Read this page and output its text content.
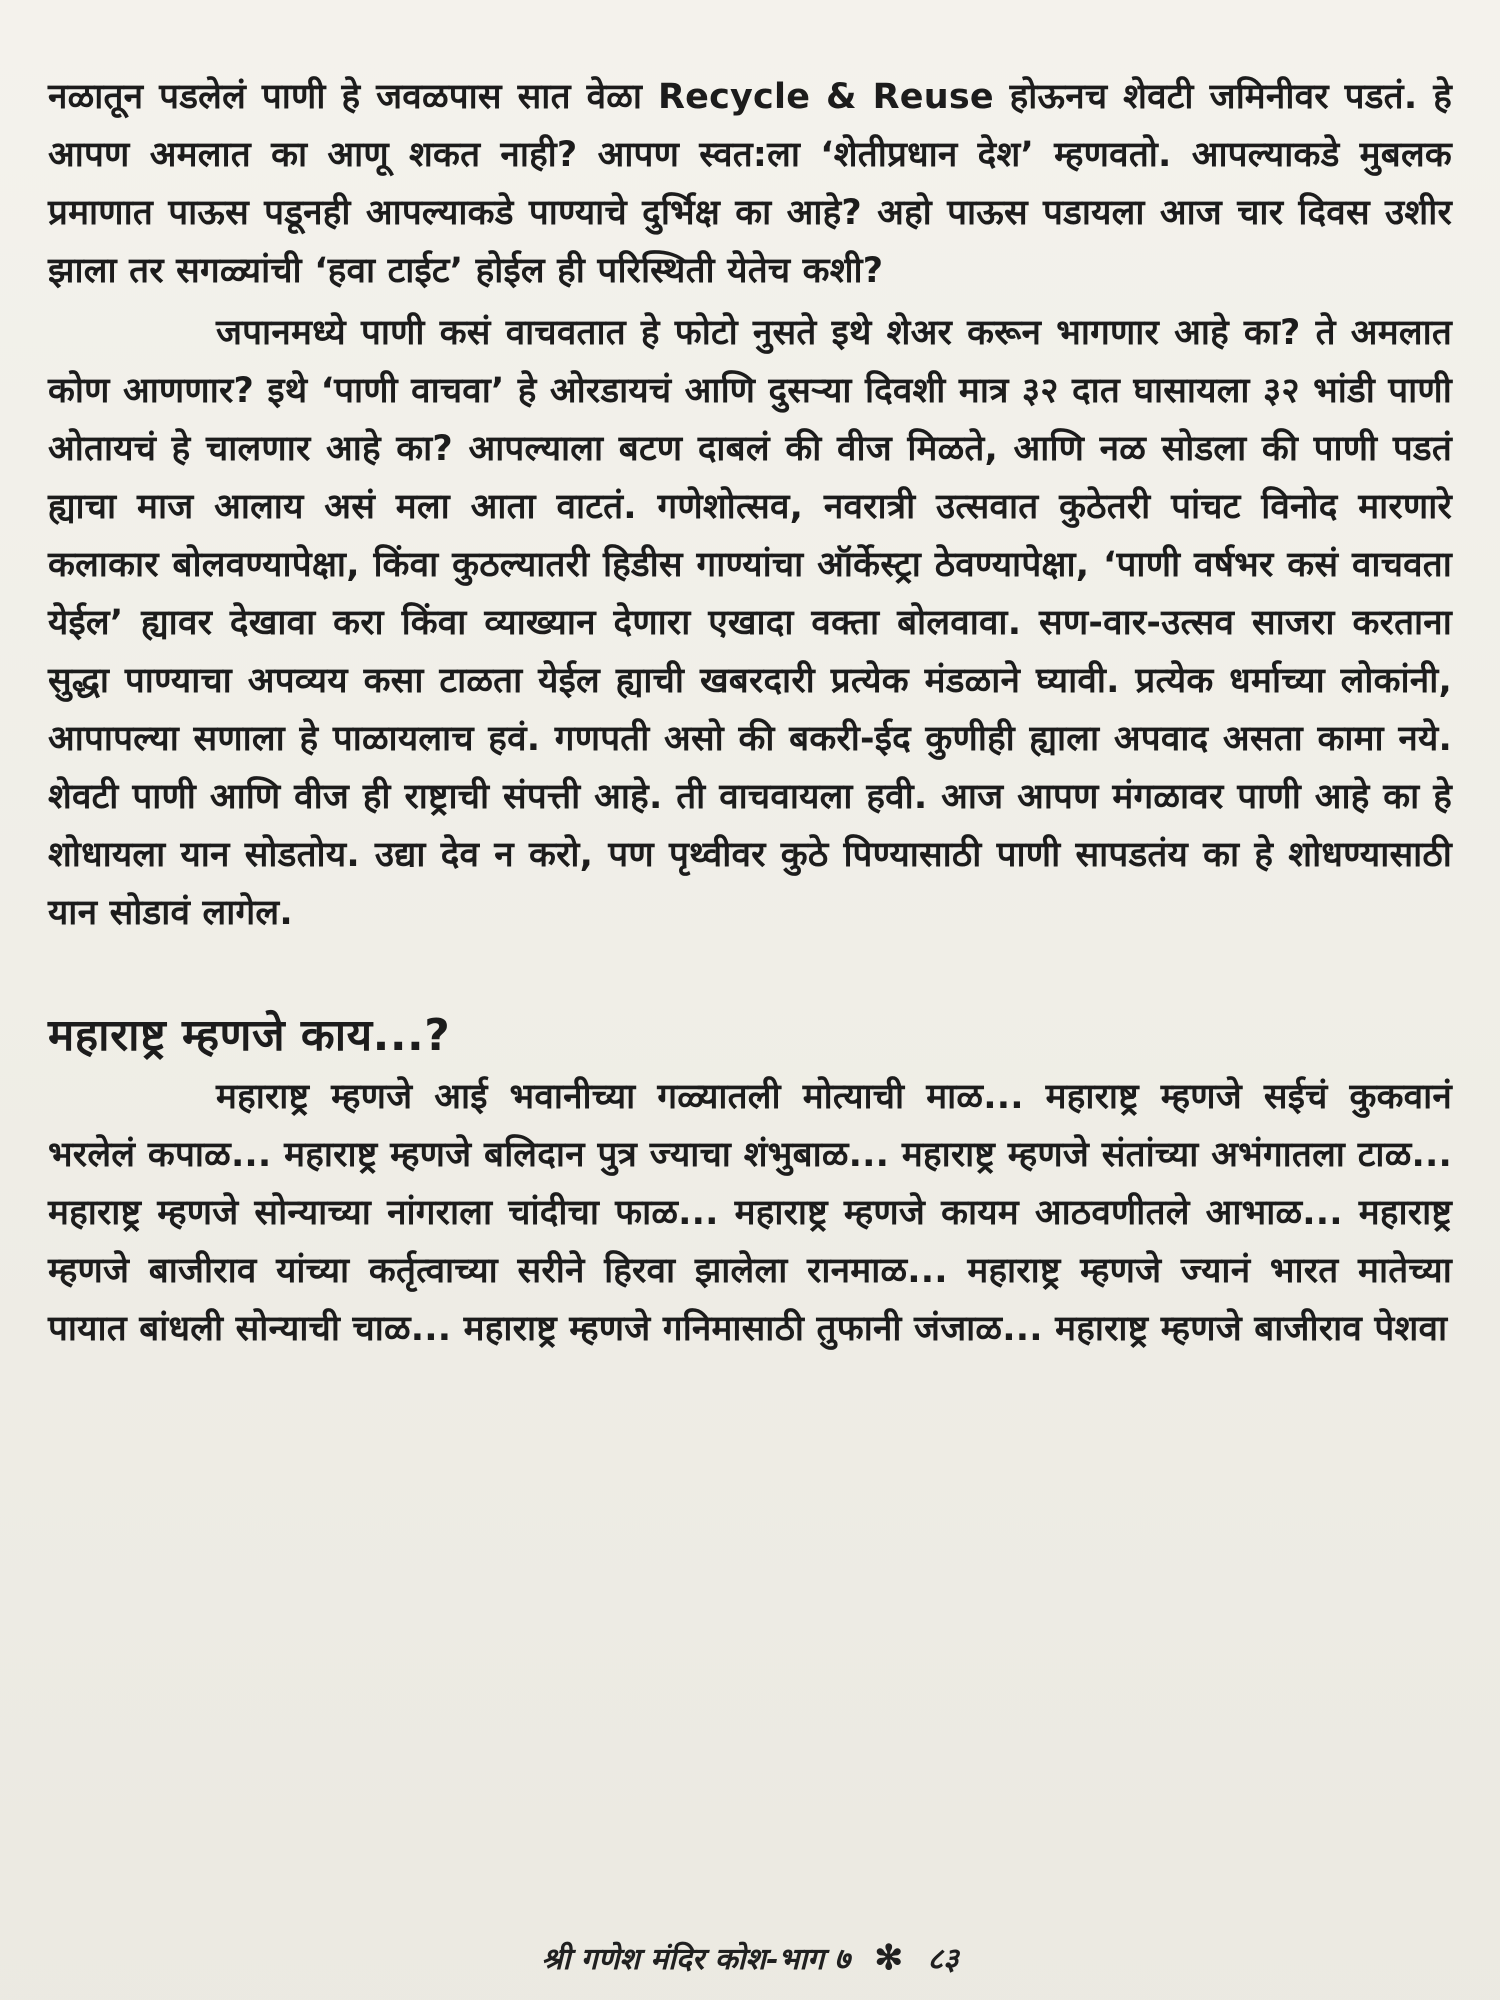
नळातून पडलेलं पाणी हे जवळपास सात वेळा Recycle & Reuse होऊनच शेवटी जमिनीवर पडतं. हे आपण अमलात का आणू शकत नाही? आपण स्वत:ला ‘शेतीप्रधान देश’ म्हणवतो. आपल्याकडे मुबलक प्रमाणात पाऊस पडूनही आपल्याकडे पाण्याचे दुर्भिक्ष का आहे? अहो पाऊस पडायला आज चार दिवस उशीर झाला तर सगळ्यांची ‘हवा टाईट’ होईल ही परिस्थिती येतेच कशी?

जपानमध्ये पाणी कसं वाचवतात हे फोटो नुसते इथे शेअर करून भागणार आहे का? ते अमलात कोण आणणार? इथे ‘पाणी वाचवा’ हे ओरडायचं आणि दुसऱ्या दिवशी मात्र ३२ दात घासायला ३२ भांडी पाणी ओतायचं हे चालणार आहे का? आपल्याला बटण दाबलं की वीज मिळते, आणि नळ सोडला की पाणी पडतं ह्याचा माज आलाय असं मला आता वाटतं. गणेशोत्सव, नवरात्री उत्सवात कुठेतरी पांचट विनोद मारणारे कलाकार बोलवण्यापेक्षा, किंवा कुठल्यातरी हिडीस गाण्यांचा ऑर्केस्ट्रा ठेवण्यापेक्षा, ‘पाणी वर्षभर कसं वाचवता येईल’ ह्यावर देखावा करा किंवा व्याख्यान देणारा एखादा वक्ता बोलवावा. सण-वार-उत्सव साजरा करताना सुद्धा पाण्याचा अपव्यय कसा टाळता येईल ह्याची खबरदारी प्रत्येक मंडळाने घ्यावी. प्रत्येक धर्माच्या लोकांनी, आपापल्या सणाला हे पाळायलाच हवं. गणपती असो की बकरी-ईद कुणीही ह्याला अपवाद असता कामा नये. शेवटी पाणी आणि वीज ही राष्ट्राची संपत्ती आहे. ती वाचवायला हवी. आज आपण मंगळावर पाणी आहे का हे शोधायला यान सोडतोय. उद्या देव न करो, पण पृथ्वीवर कुठे पिण्यासाठी पाणी सापडतंय का हे शोधण्यासाठी यान सोडावं लागेल.

महाराष्ट्र म्हणजे काय...?

महाराष्ट्र म्हणजे आई भवानीच्या गळ्यातली मोत्याची माळ... महाराष्ट्र म्हणजे सईचं कुकवानं भरलेलं कपाळ... महाराष्ट्र म्हणजे बलिदान पुत्र ज्याचा शंभुबाळ... महाराष्ट्र म्हणजे संतांच्या अभंगातला टाळ... महाराष्ट्र म्हणजे सोन्याच्या नांगराला चांदीचा फाळ... महाराष्ट्र म्हणजे कायम आठवणीतले आभाळ... महाराष्ट्र म्हणजे बाजीराव यांच्या कर्तृत्वाच्या सरीने हिरवा झालेला रानमाळ... महाराष्ट्र म्हणजे ज्यानं भारत मातेच्या पायात बांधली सोन्याची चाळ... महाराष्ट्र म्हणजे गनिमासाठी तुफानी जंजाळ... महाराष्ट्र म्हणजे बाजीराव पेशवा

श्री गणेश मंदिर कोश-भाग ७ ✻ ८३
